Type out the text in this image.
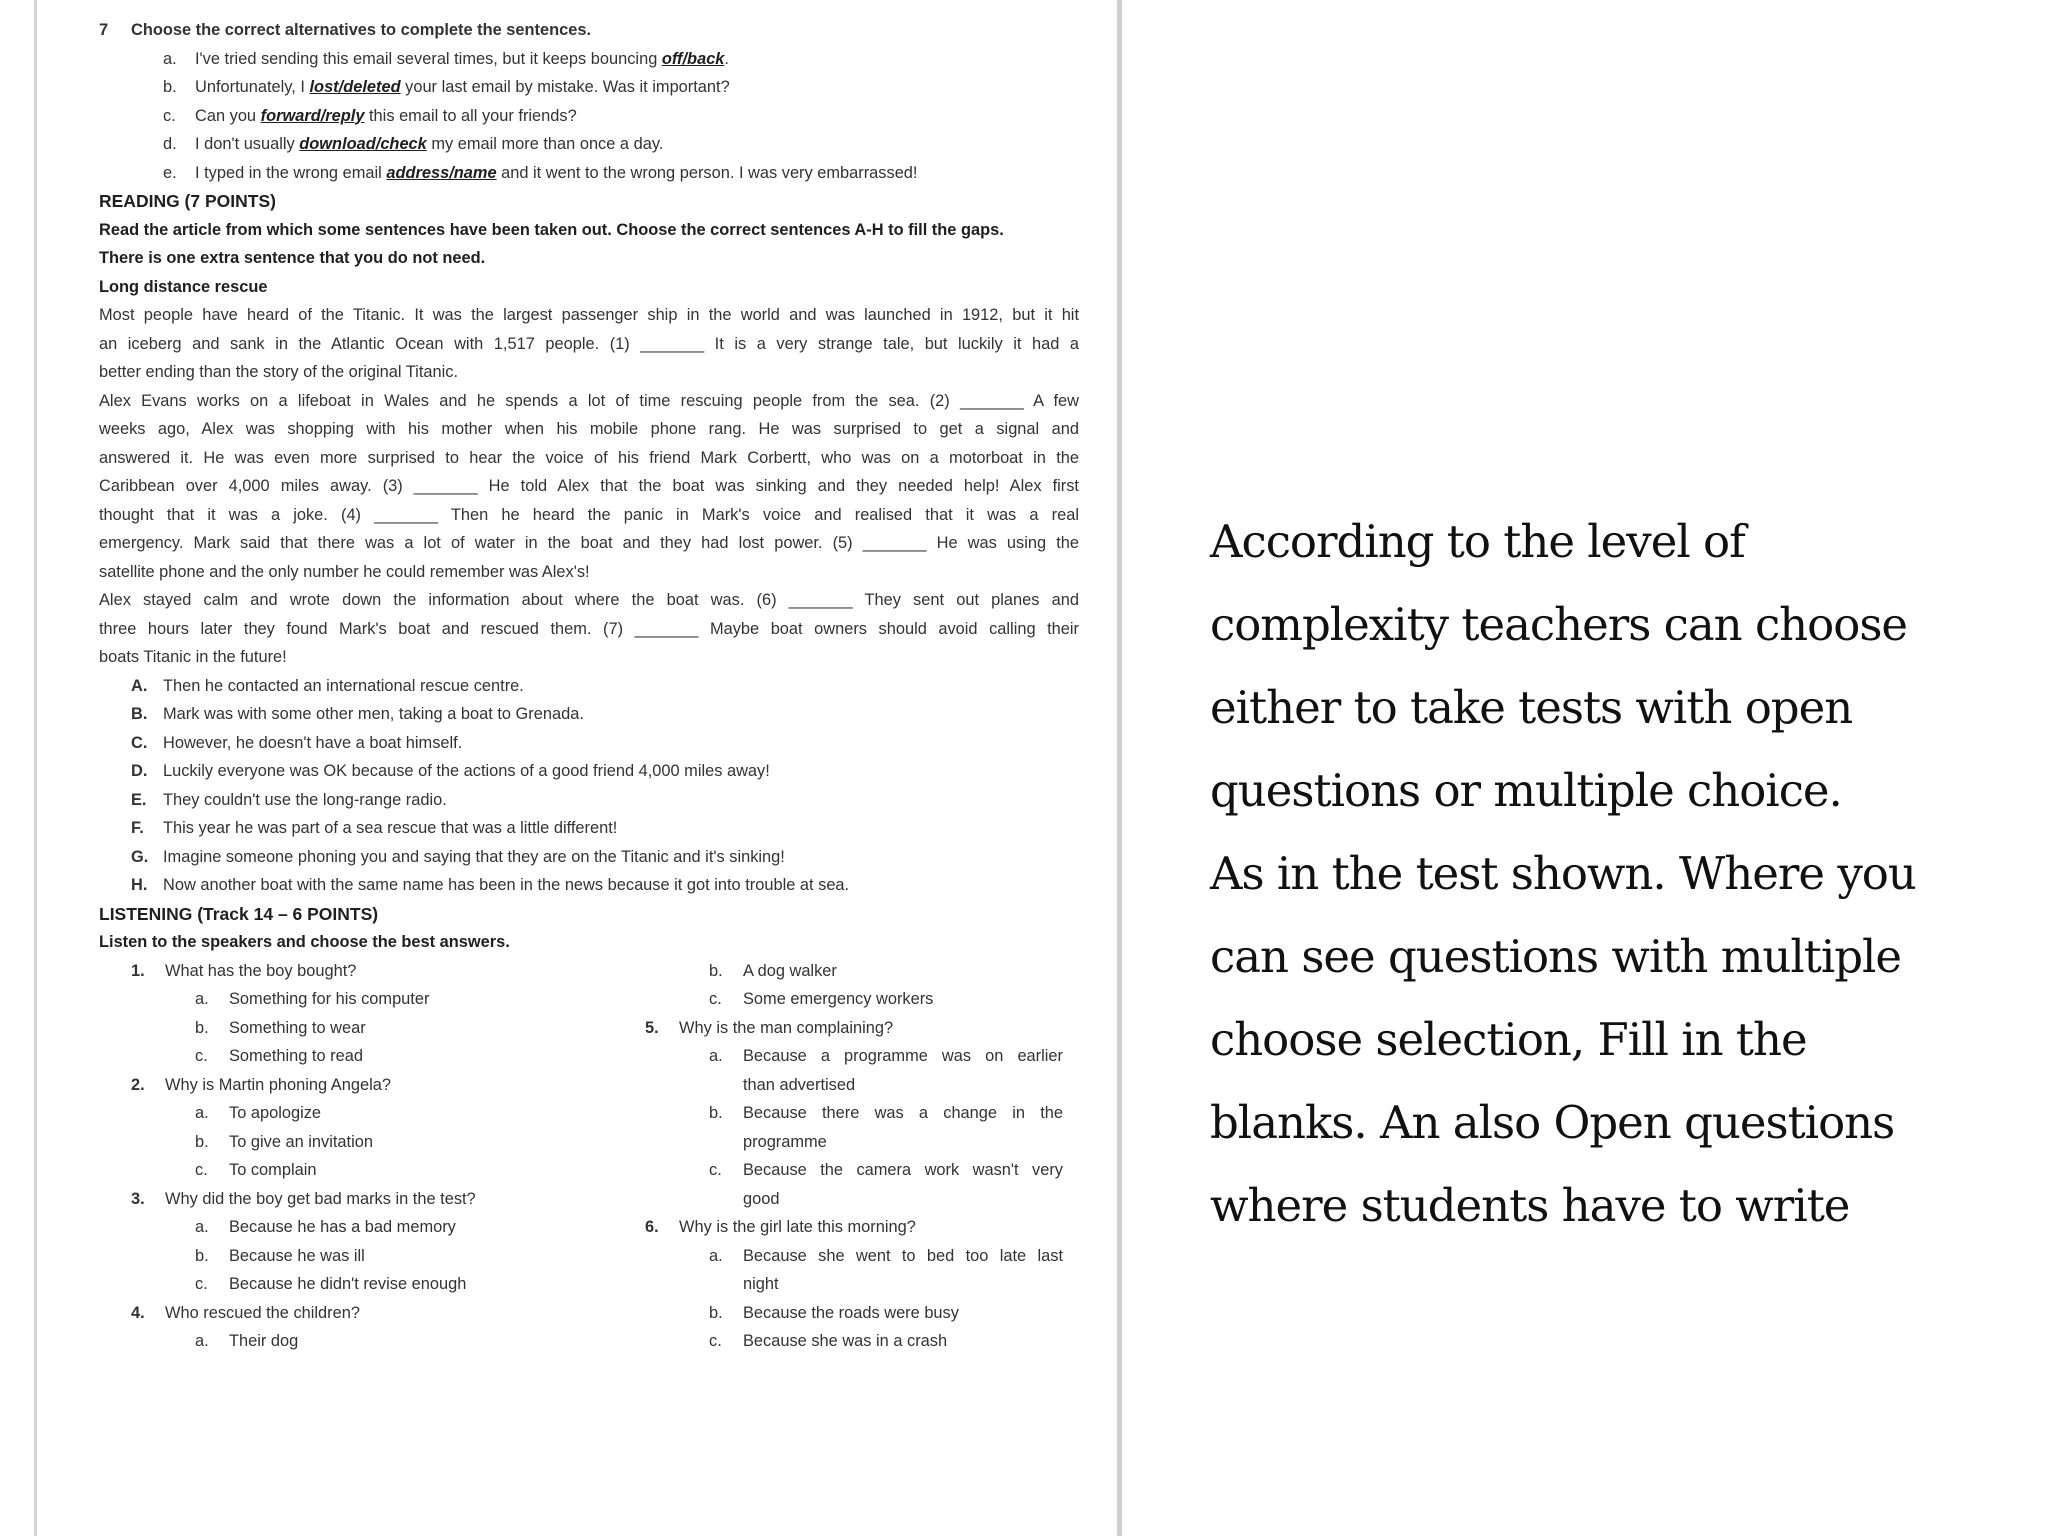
7 Choose the correct alternatives to complete the sentences.
a. I've tried sending this email several times, but it keeps bouncing off/back.
b. Unfortunately, I lost/deleted your last email by mistake. Was it important?
c. Can you forward/reply this email to all your friends?
d. I don't usually download/check my email more than once a day.
e. I typed in the wrong email address/name and it went to the wrong person. I was very embarrassed!
READING (7 POINTS)
Read the article from which some sentences have been taken out. Choose the correct sentences A-H to fill the gaps.
There is one extra sentence that you do not need.
Long distance rescue
Most people have heard of the Titanic. It was the largest passenger ship in the world and was launched in 1912, but it hit
an iceberg and sank in the Atlantic Ocean with 1,517 people. (1) _______ It is a very strange tale, but luckily it had a
better ending than the story of the original Titanic.
Alex Evans works on a lifeboat in Wales and he spends a lot of time rescuing people from the sea. (2) _______ A few
weeks ago, Alex was shopping with his mother when his mobile phone rang. He was surprised to get a signal and
answered it. He was even more surprised to hear the voice of his friend Mark Corbertt, who was on a motorboat in the
Caribbean over 4,000 miles away. (3) _______ He told Alex that the boat was sinking and they needed help! Alex first
thought that it was a joke. (4) _______ Then he heard the panic in Mark's voice and realised that it was a real
emergency. Mark said that there was a lot of water in the boat and they had lost power. (5) _______ He was using the
satellite phone and the only number he could remember was Alex's!
Alex stayed calm and wrote down the information about where the boat was. (6) _______ They sent out planes and
three hours later they found Mark's boat and rescued them. (7) _______ Maybe boat owners should avoid calling their
boats Titanic in the future!
A. Then he contacted an international rescue centre.
B. Mark was with some other men, taking a boat to Grenada.
C. However, he doesn't have a boat himself.
D. Luckily everyone was OK because of the actions of a good friend 4,000 miles away!
E. They couldn't use the long-range radio.
F. This year he was part of a sea rescue that was a little different!
G. Imagine someone phoning you and saying that they are on the Titanic and it's sinking!
H. Now another boat with the same name has been in the news because it got into trouble at sea.
LISTENING (Track 14 – 6 POINTS)
Listen to the speakers and choose the best answers.
1. What has the boy bought?
a. Something for his computer
b. Something to wear
c. Something to read
2. Why is Martin phoning Angela?
a. To apologize
b. To give an invitation
c. To complain
3. Why did the boy get bad marks in the test?
a. Because he has a bad memory
b. Because he was ill
c. Because he didn't revise enough
4. Who rescued the children?
a. Their dog
b. A dog walker
c. Some emergency workers
5. Why is the man complaining?
a. Because a programme was on earlier
than advertised
b. Because there was a change in the
programme
c. Because the camera work wasn't very
good
6. Why is the girl late this morning?
a. Because she went to bed too late last
night
b. Because the roads were busy
c. Because she was in a crash
According to the level of
complexity teachers can choose
either to take tests with open
questions or multiple choice.
As in the test shown. Where you
can see questions with multiple
choose selection, Fill in the
blanks. An also Open questions
where students have to write
